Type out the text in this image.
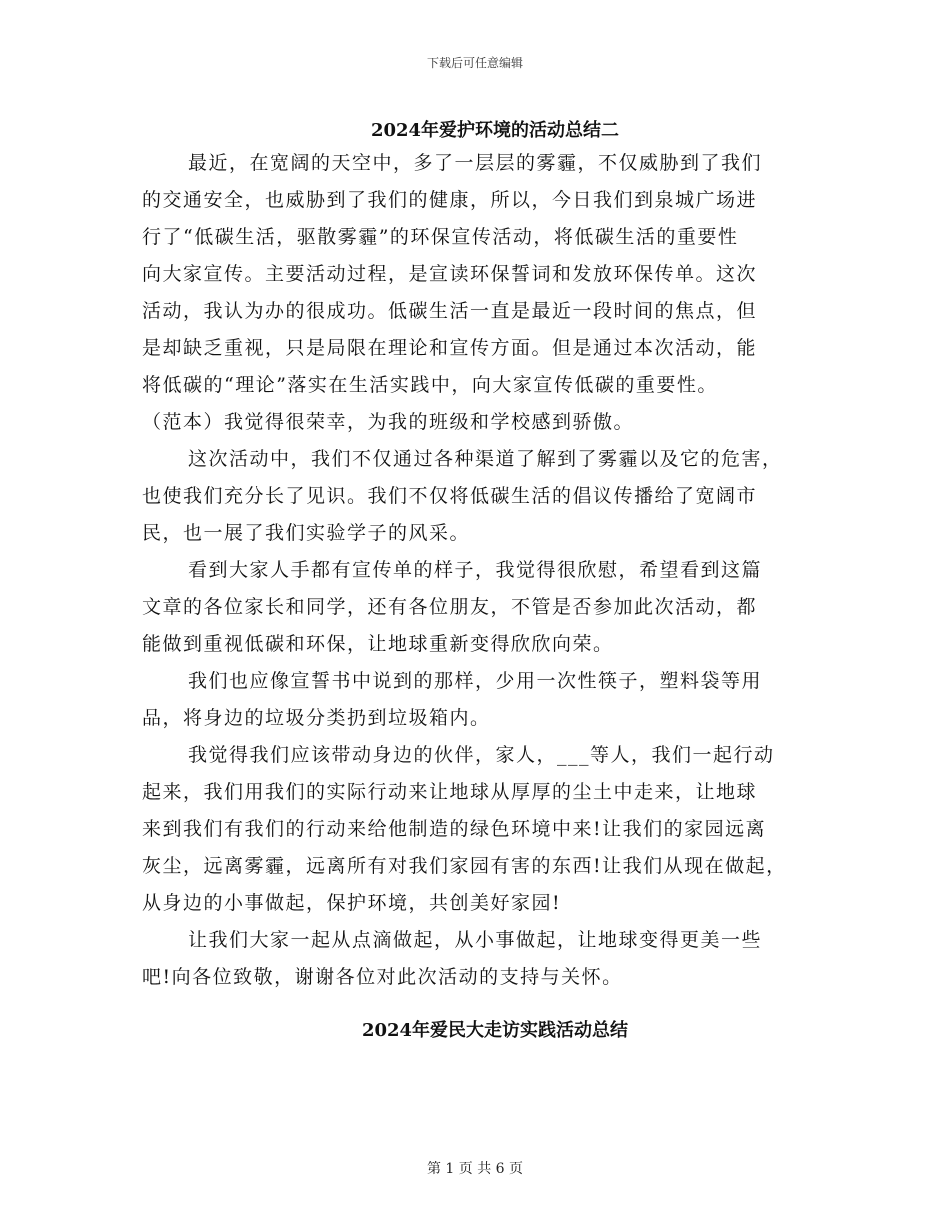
下载后可任意编辑
2024年爱护环境的活动总结二
最近，在宽阔的天空中，多了一层层的雾霾，不仅威胁到了我们
的交通安全，也威胁到了我们的健康，所以，今日我们到泉城广场进
行了“低碳生活，驱散雾霾”的环保宣传活动，将低碳生活的重要性
向大家宣传。主要活动过程，是宣读环保誓词和发放环保传单。这次
活动，我认为办的很成功。低碳生活一直是最近一段时间的焦点，但
是却缺乏重视，只是局限在理论和宣传方面。但是通过本次活动，能
将低碳的“理论”落实在生活实践中，向大家宣传低碳的重要性。
（范本）我觉得很荣幸，为我的班级和学校感到骄傲。
这次活动中，我们不仅通过各种渠道了解到了雾霾以及它的危害，
也使我们充分长了见识。我们不仅将低碳生活的倡议传播给了宽阔市
民，也一展了我们实验学子的风采。
看到大家人手都有宣传单的样子，我觉得很欣慰，希望看到这篇
文章的各位家长和同学，还有各位朋友，不管是否参加此次活动，都
能做到重视低碳和环保，让地球重新变得欣欣向荣。
我们也应像宣誓书中说到的那样，少用一次性筷子，塑料袋等用
品，将身边的垃圾分类扔到垃圾箱内。
我觉得我们应该带动身边的伙伴，家人，___等人，我们一起行动
起来，我们用我们的实际行动来让地球从厚厚的尘土中走来，让地球
来到我们有我们的行动来给他制造的绿色环境中来!让我们的家园远离
灰尘，远离雾霾，远离所有对我们家园有害的东西!让我们从现在做起，
从身边的小事做起，保护环境，共创美好家园!
让我们大家一起从点滴做起，从小事做起，让地球变得更美一些
吧!向各位致敬，谢谢各位对此次活动的支持与关怀。
2024年爱民大走访实践活动总结
第 1 页 共 6 页
